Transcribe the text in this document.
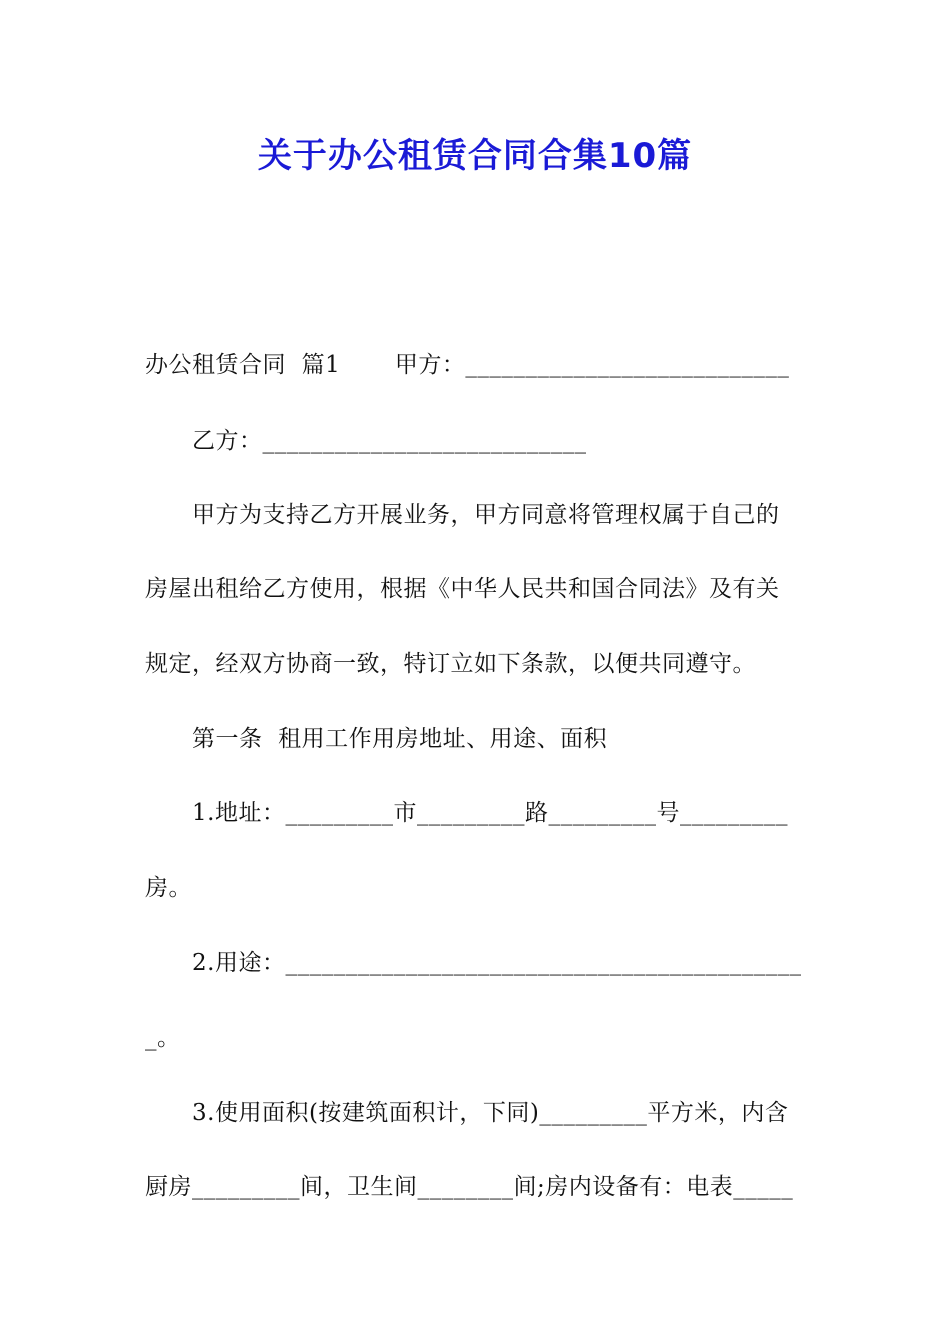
关于办公租赁合同合集10篇
办公租赁合同  篇1       甲方：___________________________
乙方：___________________________
甲方为支持乙方开展业务，甲方同意将管理权属于自己的
房屋出租给乙方使用，根据《中华人民共和国合同法》及有关
规定，经双方协商一致，特订立如下条款，以便共同遵守。
第一条  租用工作用房地址、用途、面积
1.地址：_________市_________路_________号_________
房。
2.用途：___________________________________________
_。
3.使用面积(按建筑面积计，下同)_________平方米，内含
厨房_________间，卫生间________间;房内设备有：电表_____
